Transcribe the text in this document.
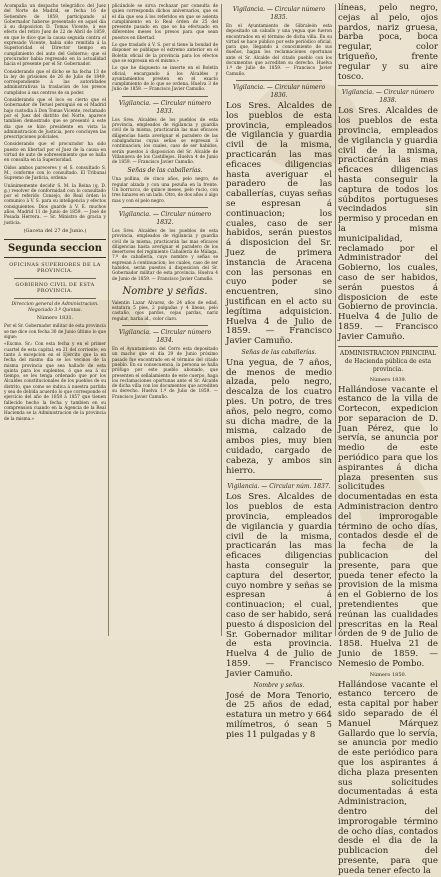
Acompaña un despacho telegráfico del Juez del Norte de Madrid, se fecha 16 de Setiembre de 1859, participando al Gobernador haberse presentado en aquel día á su disposicion D. Tomas Vicente, á ese efecto del retiro Juez de 22 de Abril de 1859, en que le dice que la causa seguida contra el expresado Vicente, habia sido remitida á la Superioridad el Director tiempo en cumplimiento del auto del Gobierno; que el procurador habia regresado en la actualidad hácia el presente por el Sr. Gobernador.

Considerando que el dicho se ha fecha 13 de la ley de prisiones de 26 de Julio de 1849, correspondiente á las autoridades administrativas la traslacion de los presos cumplidos á sus centros de su poder.

Considerando que el loco es cierto que el Gobernador de Teruel persiguió en el Madrid bajo custodia á Don Tomas Vicente, reclamado por el Juez del distrito del Norte, aparece también demostrado que se presentó á este dia que se hizo presidente en vista la administracion de Justicia, pero concluyen las prescripciones policiales.

Considerando que el procurador ha sido puesto en libertad por el Juez de la causa en virtud de auto de sobreseimiento que se halla en consulta en la Superioridad.

Oídos ambos pareceres y el S. consultado S. M., conforme con lo consultado. El Tribunal Supremo de Justicia, ordena:

Unánimemente decidir S. M. la Reina (q. D. g.) resolver de conformidad con lo consultado por el referido Consejo, de Real órden lo comunico á V. S. para su inteligencia y efectos consiguientes. Dios guarde á V. E. muchos años. Madrid 11 de Junio de 1859. — José de Posada Herrera. — Sr. Ministro de gracia y justicia.

(Gaceta del 27 de Junio.)
Segunda seccion
OFICINAS SUPERIORES DE LA PROVINCIA.
GOBIERNO CIVIL DE ESTA PROVINCIA.
Direccion general de Administracion. Negociado 3.º Quintas.
Número 1831.

Por el Sr. Gobernador militar de esta provincia se me dice con fecha 30 de Junio último lo que sigue:

«Excmo. Sr.: Con esta fecha y en el primer cuartel de esta capital, en 21 del corriente, en tanto á excepcion en el Ejército que la en fecha del mismo dia se los vecinos de la misma provincia que sea hallado de esta quinta para los suplentes, ó que sea á su tiempo, se les tenga ordenado que por los Alcaldes constitucionales de los pueblos de su distrito, que como se indica á nuestra partida y sea de debida acuerdo lo que corresponde el ejercicio del año de 1858 á 1857 que tienen fallecido hecho la fecha y tambien en su comprension cuando en la Agencia de la Real Hacienda se la Administracion de la provincia de la misma.»

plicándole se sirva rechazar por consulta de quien corresponda dichos aniversarios, que es el dia que sea á los referidos en que se asienta cumplimiento en lo Real órden de 25 del presente pasado en que se ha efectuado en diferentes meses los presos para que sean puestos en libertad.

Lo que traslado á V. S. por si tiene la bondad de disponer se publique el extremo anterior en el Boletín oficial de la provincia para los efectos que se expresan en el mismo.»

Lo que he dispuesto se inserte en el Boletín oficial, encargando á los Alcaldes y ayuntamientos presten en el exacto cumplimiento de lo que se ordena. Huelva 3 de Julio de 1859. — Francisco Javier Camuño.

Vigilancia. — Circular número 1833.

Los Sres. Alcaldes de los pueblos de esta provincia, empleados de vigilancia y guardia civil de la misma, practicarán las mas eficaces diligencias hasta averiguar el paradero de las cabalgaduras cuyas señas se espresan á continuacion; los cuales, caso de ser habidos, serán puestos á disposicion del Sr. Alcalde de Villanueva de los Castillejos. Huelva 4 de Junio de 1859. — Francisco Javier Camuño.

Señas de las caballerías.

Una pollina, de cinco años, pelo negro, de regular alzada y con una pezuña en la frente. Un borrucco, de quince meses, pelo rucio, con tres lunares en un lado. Otro, de dos años ó algo mas y con el pelo negro.

Vigilancia. — Circular número 1832.

Los Sres. Alcaldes de los pueblos de esta provincia, empleados de vigilancia y guardia civil de la misma, practicarán las mas eficaces diligencias hasta averiguar el paradero de los desertores del regimiento Caballería de Málaga, 7.º de caballería, cuyo nombre y señas se espresan á continuacion; los cuales, caso de ser habidos, serán puestos á disposicion del Sr. Gobernador militar de esta provincia. Huelva 4 de Junio de 1859. — Francisco Javier Camuño.

Nombre y señas.

Valentin Lazar Alvarez, de 24 años de edad, estatura 5 pies, 2 pulgadas y 4 líneas, pelo castaño, ojos pardos, cejas pardas, nariz regular, barba id., color claro.

Vigilancia. — Circular número 1834.

En el Ayuntamiento del Cerro esta depositado un macho que el día 29 de Junio próximo pasado fue encontrado en el término del citado pueblo. En su consecuencia, la persona se halla prófugo por este pueblo abonado, que presenten el señalamiento de este cuerpo, haga los reclamaciones oportunas ante el Sr. Alcalde de dicha villa con los documentos que acrediten su derecho. Huelva 1.º de Julio de 1859. — Francisco Javier Camuño.

Vigilancia. — Circular número 1835.

En el Ayuntamiento de Gibraleón esta depositado un caballo y una yegua que fueron encontrados en el término de dicha villa. En su virtud se hace público por este periódico oficial, para que, llegando á conocimiento de sus dueños, hagan los reclamaciones oportunas ante el Sr. Alcalde del citado pueblo con los documentos que acrediten su derecho. Huelva 1.º de Julio de 1859. — Francisco Javier Camuño.

Vigilancia. — Circular número 1836.

Los Sres. Alcaldes de los pueblos de esta provincia, empleados de vigilancia y guardia civil de la misma, practicarán las mas eficaces diligencias hasta averiguar el paradero de las caballerías, cuyas señas se espresan á continuacion; los cuales, caso de ser habidos, serán puestos á disposicion del Sr. Juez de primera instancia de Aracena con las personas en cuyo poder se encuentren, sino justifican en el acto su legítima adquisicion. Huelva 4 de Julio de 1859. — Francisco Javier Camuño.

Señas de las caballerías.

Una yegua, de 7 años, de menos de medio alzada, pelo negro, descalza de los cuatro pies. Un potro, de tres años, pelo negro, como su dicha madre, de la misma, calzado de ambos pies, muy bien cuidado, cargado de cabeza, y ambos sin hierro.

Vigilancia. — Circular núm. 1837.

Los Sres. Alcaldes de los pueblos de esta provincia, empleados de vigilancia y guardia civil de la misma, practicarán las mas eficaces diligencias hasta conseguir la captura del desertor, cuyo nombre y señas se espresan á continuacion; el cual, caso de ser habido, será puesto á disposicion del Sr. Gobernador militar de esta provincia. Huelva 4 de Julio de 1859. — Francisco Javier Camuño.

Nombre y señas.

José de Mora Tenorio, de 25 años de edad, estatura un metro y 664 milímetros, ó sean 5 pies 11 pulgadas y 8

líneas, pelo negro, cejas al pelo, ojos pardos, nariz gruesa, barba poca, boca regular, color trigueño, frente regular y su aire tosco.

Vigilancia. — Circular número 1838.

Los Sres. Alcaldes de los pueblos de esta provincia, empleados de vigilancia y guardia civil de la misma, practicarán las mas eficaces diligencias hasta conseguir la captura de todos los súbditos portugueses vecindados sin permiso y procedan en la misma municipalidad, reclamado por el Administrador del Gobierno, los cuales, caso de ser habidos, serán puestos á disposicion de este Gobierno de provincia. Huelva 4 de Julio de 1859. — Francisco Javier Camuño.

ADMINISTRACION PRINCIPAL de Hacienda pública de esta provincia.
Número 1839.

Hallándose vacante el estanco de la villa de Cortecon, expedicion por separacion de D. Juan Pérez, que lo servía, se anuncia por medio de este periódico para que los aspirantes á dicha plaza presenten sus solicitudes documentadas en esta Administracion dentro del improrogable término de ocho días, contados desde el de la fecha de la publicacion del presente, para que pueda tener efecto la provision de la misma en el Gobierno de los pretendientes que reúnan las cualidades prescritas en la Real órden de 9 de Julio de 1858. Huelva 21 de Junio de 1859. — Nemesio de Pombo.

Número 1850.

Hallándose vacante el estanco tercero de esta capital por haber sido separado de él Manuel Márquez Gallardo que lo servía, se anuncia por medio de este periódico para que los aspirantes á dicha plaza presenten sus solicitudes documentadas á esta Administracion, dentro del improrogable término de ocho días, contados desde el dia de la publicacion del presente, para que pueda tener efecto la
